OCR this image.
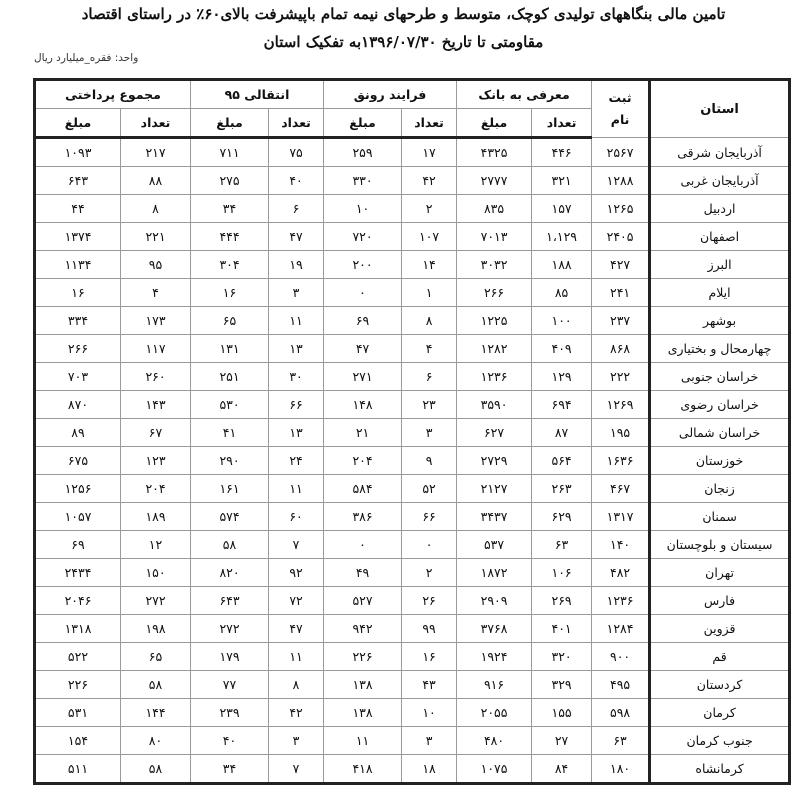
تامین مالی بنگاههای تولیدی کوچک، متوسط و طرحهای نیمه تمام باپیشرفت بالای۶۰٪ در راستای اقتصاد
مقاومتی تا تاریخ ۱۳۹۶/۰۷/۳۰به تفکیک استان
واحد: فقره_میلیارد ریال
استان	ثبت نام	معرفی به بانک		فرایند رونق		انتقالی ۹۵		مجموع پرداختی	
		تعداد	مبلغ	تعداد	مبلغ	تعداد	مبلغ	تعداد	مبلغ
آذربایجان شرقی	۲۵۶۷	۴۴۶	۴۳۲۵	۱۷	۲۵۹	۷۵	۷۱۱	۲۱۷	۱۰۹۳
آذربایجان غربی	۱۲۸۸	۳۲۱	۲۷۷۷	۴۲	۳۳۰	۴۰	۲۷۵	۸۸	۶۴۳
اردبیل	۱۲۶۵	۱۵۷	۸۳۵	۲	۱۰	۶	۳۴	۸	۴۴
اصفهان	۲۴۰۵	۱،۱۲۹	۷۰۱۳	۱۰۷	۷۲۰	۴۷	۴۴۴	۲۲۱	۱۳۷۴
البرز	۴۲۷	۱۸۸	۳۰۳۲	۱۴	۲۰۰	۱۹	۳۰۴	۹۵	۱۱۳۴
ایلام	۲۴۱	۸۵	۲۶۶	۱	۰	۳	۱۶	۴	۱۶
بوشهر	۲۳۷	۱۰۰	۱۲۲۵	۸	۶۹	۱۱	۶۵	۱۷۳	۳۳۴
چهارمحال و بختیاری	۸۶۸	۴۰۹	۱۲۸۲	۴	۴۷	۱۳	۱۳۱	۱۱۷	۲۶۶
خراسان جنوبی	۲۲۲	۱۲۹	۱۲۳۶	۶	۲۷۱	۳۰	۲۵۱	۲۶۰	۷۰۳
خراسان رضوی	۱۲۶۹	۶۹۴	۳۵۹۰	۲۳	۱۴۸	۶۶	۵۳۰	۱۴۳	۸۷۰
خراسان شمالی	۱۹۵	۸۷	۶۲۷	۳	۲۱	۱۳	۴۱	۶۷	۸۹
خوزستان	۱۶۳۶	۵۶۴	۲۷۲۹	۹	۲۰۴	۲۴	۲۹۰	۱۲۳	۶۷۵
زنجان	۴۶۷	۲۶۳	۲۱۲۷	۵۲	۵۸۴	۱۱	۱۶۱	۲۰۴	۱۲۵۶
سمنان	۱۳۱۷	۶۲۹	۳۴۳۷	۶۶	۳۸۶	۶۰	۵۷۴	۱۸۹	۱۰۵۷
سیستان و بلوچستان	۱۴۰	۶۳	۵۳۷	۰	۰	۷	۵۸	۱۲	۶۹
تهران	۴۸۲	۱۰۶	۱۸۷۲	۲	۴۹	۹۲	۸۲۰	۱۵۰	۲۴۳۴
فارس	۱۲۳۶	۲۶۹	۲۹۰۹	۲۶	۵۲۷	۷۲	۶۴۳	۲۷۲	۲۰۴۶
قزوین	۱۲۸۴	۴۰۱	۳۷۶۸	۹۹	۹۴۲	۴۷	۲۷۲	۱۹۸	۱۳۱۸
قم	۹۰۰	۳۲۰	۱۹۲۴	۱۶	۲۲۶	۱۱	۱۷۹	۶۵	۵۲۲
کردستان	۴۹۵	۳۲۹	۹۱۶	۴۳	۱۳۸	۸	۷۷	۵۸	۲۲۶
کرمان	۵۹۸	۱۵۵	۲۰۵۵	۱۰	۱۳۸	۴۲	۲۳۹	۱۴۴	۵۳۱
جنوب کرمان	۶۳	۲۷	۴۸۰	۳	۱۱	۳	۴۰	۸۰	۱۵۴
کرمانشاه	۱۸۰	۸۴	۱۰۷۵	۱۸	۴۱۸	۷	۳۴	۵۸	۵۱۱
